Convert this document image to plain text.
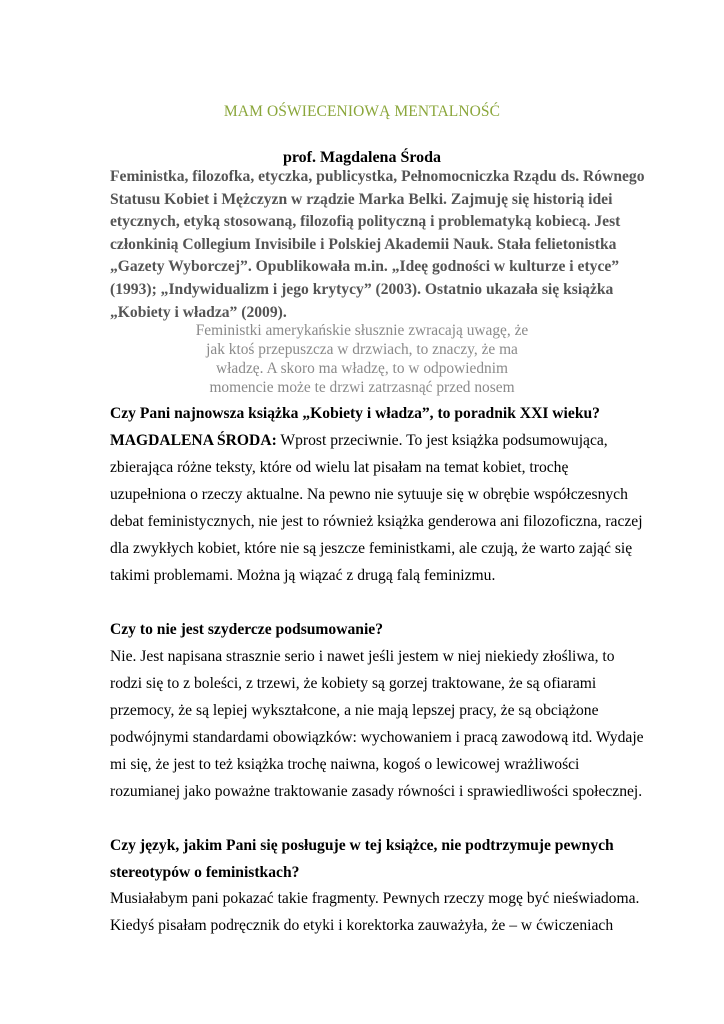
MAM OŚWIECENIOWĄ MENTALNOŚĆ
prof. Magdalena Środa
Feministka, filozofka, etyczka, publicystka, Pełnomocniczka Rządu ds. Równego
Statusu Kobiet i Mężczyzn w rządzie Marka Belki. Zajmuję się historią idei
etycznych, etyką stosowaną, filozofią polityczną i problematyką kobiecą. Jest
członkinią Collegium Invisibile i Polskiej Akademii Nauk. Stała felietonistka
„Gazety Wyborczej”. Opublikowała m.in. „Ideę godności w kulturze i etyce”
(1993); „Indywidualizm i jego krytycy” (2003). Ostatnio ukazała się książka
„Kobiety i władza” (2009).
Feministki amerykańskie słusznie zwracają uwagę, że
jak ktoś przepuszcza w drzwiach, to znaczy, że ma
władzę. A skoro ma władzę, to w odpowiednim
momencie może te drzwi zatrzasnąć przed nosem
Czy Pani najnowsza książka „Kobiety i władza”, to poradnik XXI wieku?
MAGDALENA ŚRODA: Wprost przeciwnie. To jest książka podsumowująca,
zbierająca różne teksty, które od wielu lat pisałam na temat kobiet, trochę
uzupełniona o rzeczy aktualne. Na pewno nie sytuuje się w obrębie współczesnych
debat feministycznych, nie jest to również książka genderowa ani filozoficzna, raczej
dla zwykłych kobiet, które nie są jeszcze feministkami, ale czują, że warto zająć się
takimi problemami. Można ją wiązać z drugą falą feminizmu.
Czy to nie jest szydercze podsumowanie?
Nie. Jest napisana strasznie serio i nawet jeśli jestem w niej niekiedy złośliwa, to
rodzi się to z boleści, z trzewi, że kobiety są gorzej traktowane, że są ofiarami
przemocy, że są lepiej wykształcone, a nie mają lepszej pracy, że są obciążone
podwójnymi standardami obowiązków: wychowaniem i pracą zawodową itd. Wydaje
mi się, że jest to też książka trochę naiwna, kogoś o lewicowej wrażliwości
rozumianej jako poważne traktowanie zasady równości i sprawiedliwości społecznej.
Czy język, jakim Pani się posługuje w tej książce, nie podtrzymuje pewnych
stereotypów o feministkach?
Musiałabym pani pokazać takie fragmenty. Pewnych rzeczy mogę być nieświadoma.
Kiedyś pisałam podręcznik do etyki i korektorka zauważyła, że – w ćwiczeniach
